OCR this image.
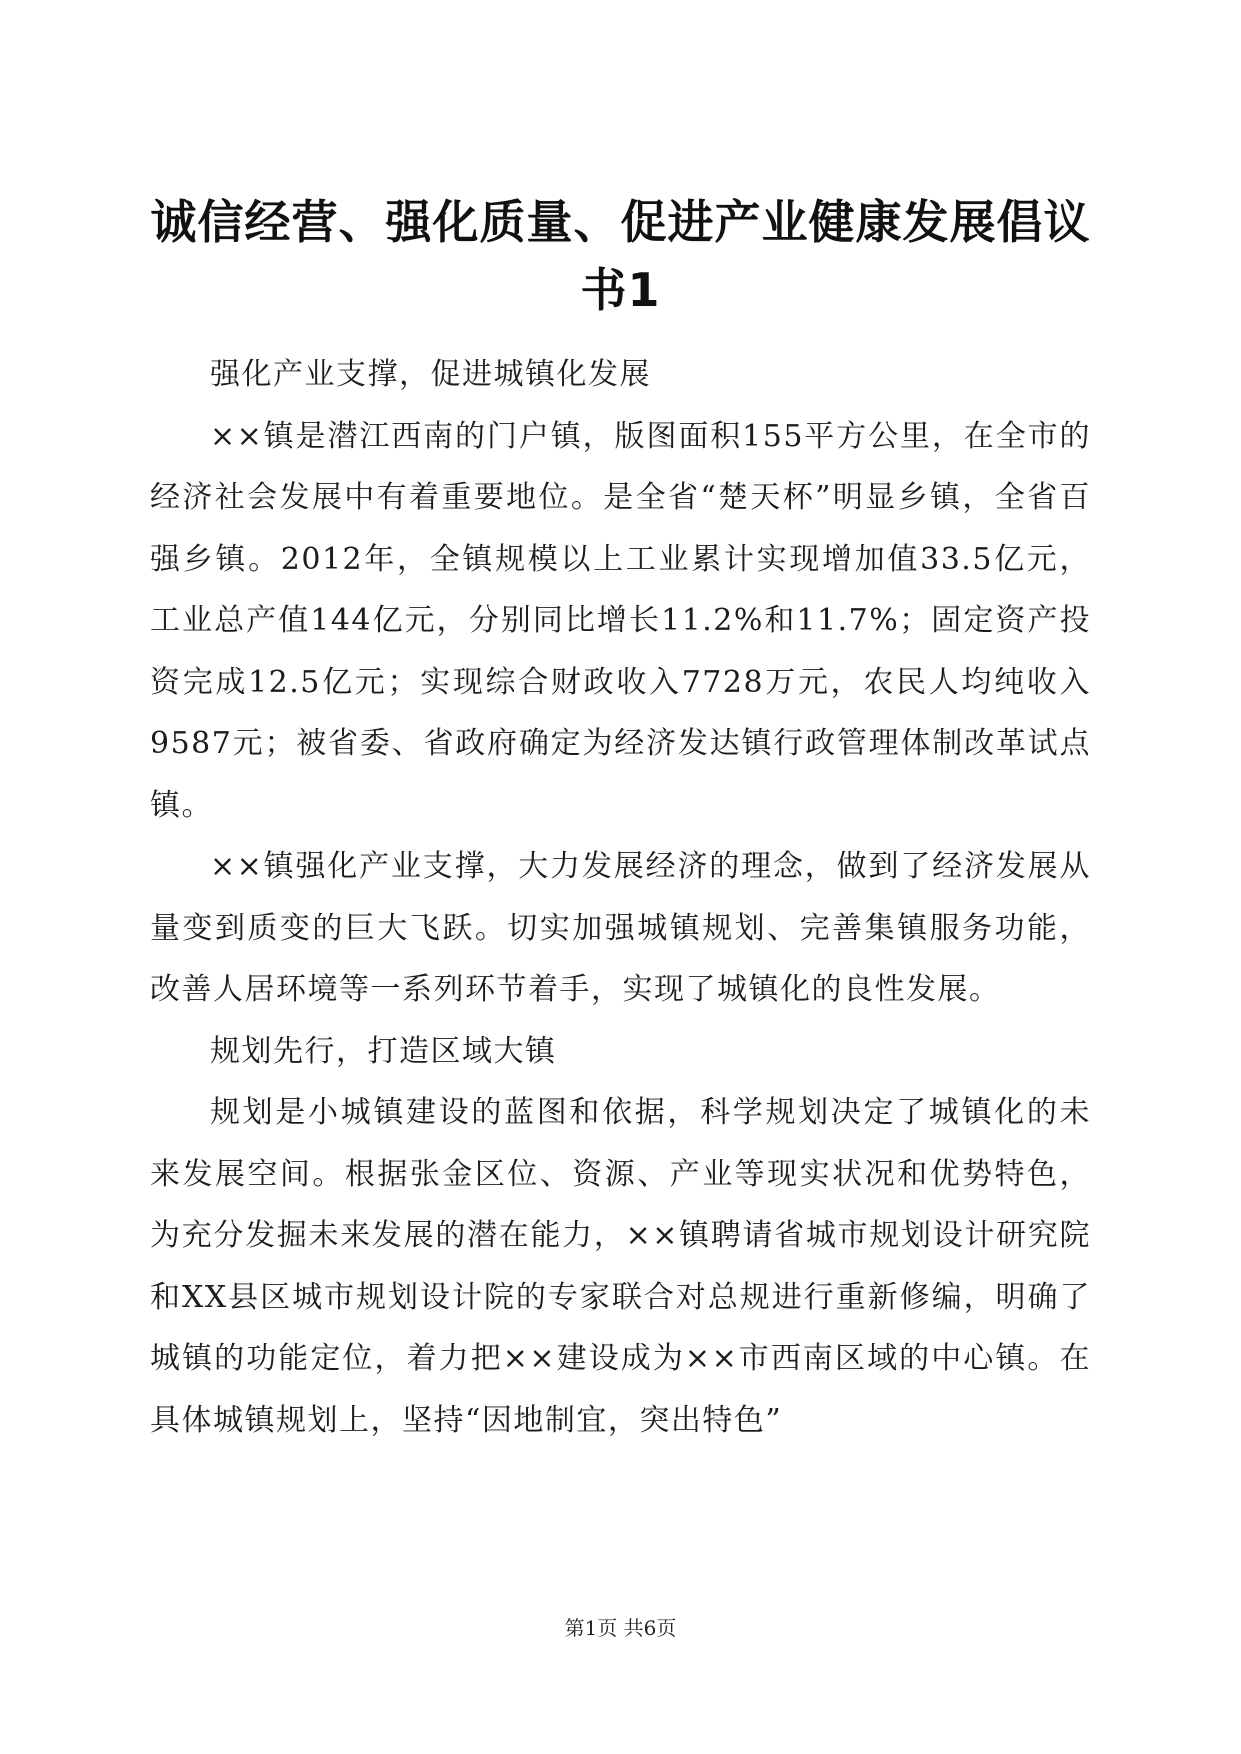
诚信经营、强化质量、促进产业健康发展倡议书1

强化产业支撑，促进城镇化发展

××镇是潜江西南的门户镇，版图面积155平方公里，在全市的经济社会发展中有着重要地位。是全省“楚天杯”明显乡镇，全省百强乡镇。2012年，全镇规模以上工业累计实现增加值33.5亿元，工业总产值144亿元，分别同比增长11.2%和11.7%；固定资产投资完成12.5亿元；实现综合财政收入7728万元，农民人均纯收入9587元；被省委、省政府确定为经济发达镇行政管理体制改革试点镇。

××镇强化产业支撑，大力发展经济的理念，做到了经济发展从量变到质变的巨大飞跃。切实加强城镇规划、完善集镇服务功能，改善人居环境等一系列环节着手，实现了城镇化的良性发展。

规划先行，打造区域大镇

规划是小城镇建设的蓝图和依据，科学规划决定了城镇化的未来发展空间。根据张金区位、资源、产业等现实状况和优势特色，为充分发掘未来发展的潜在能力，××镇聘请省城市规划设计研究院和XX县区城市规划设计院的专家联合对总规进行重新修编，明确了城镇的功能定位，着力把××建设成为××市西南区域的中心镇。在具体城镇规划上，坚持“因地制宜，突出特色”

第1页 共6页
